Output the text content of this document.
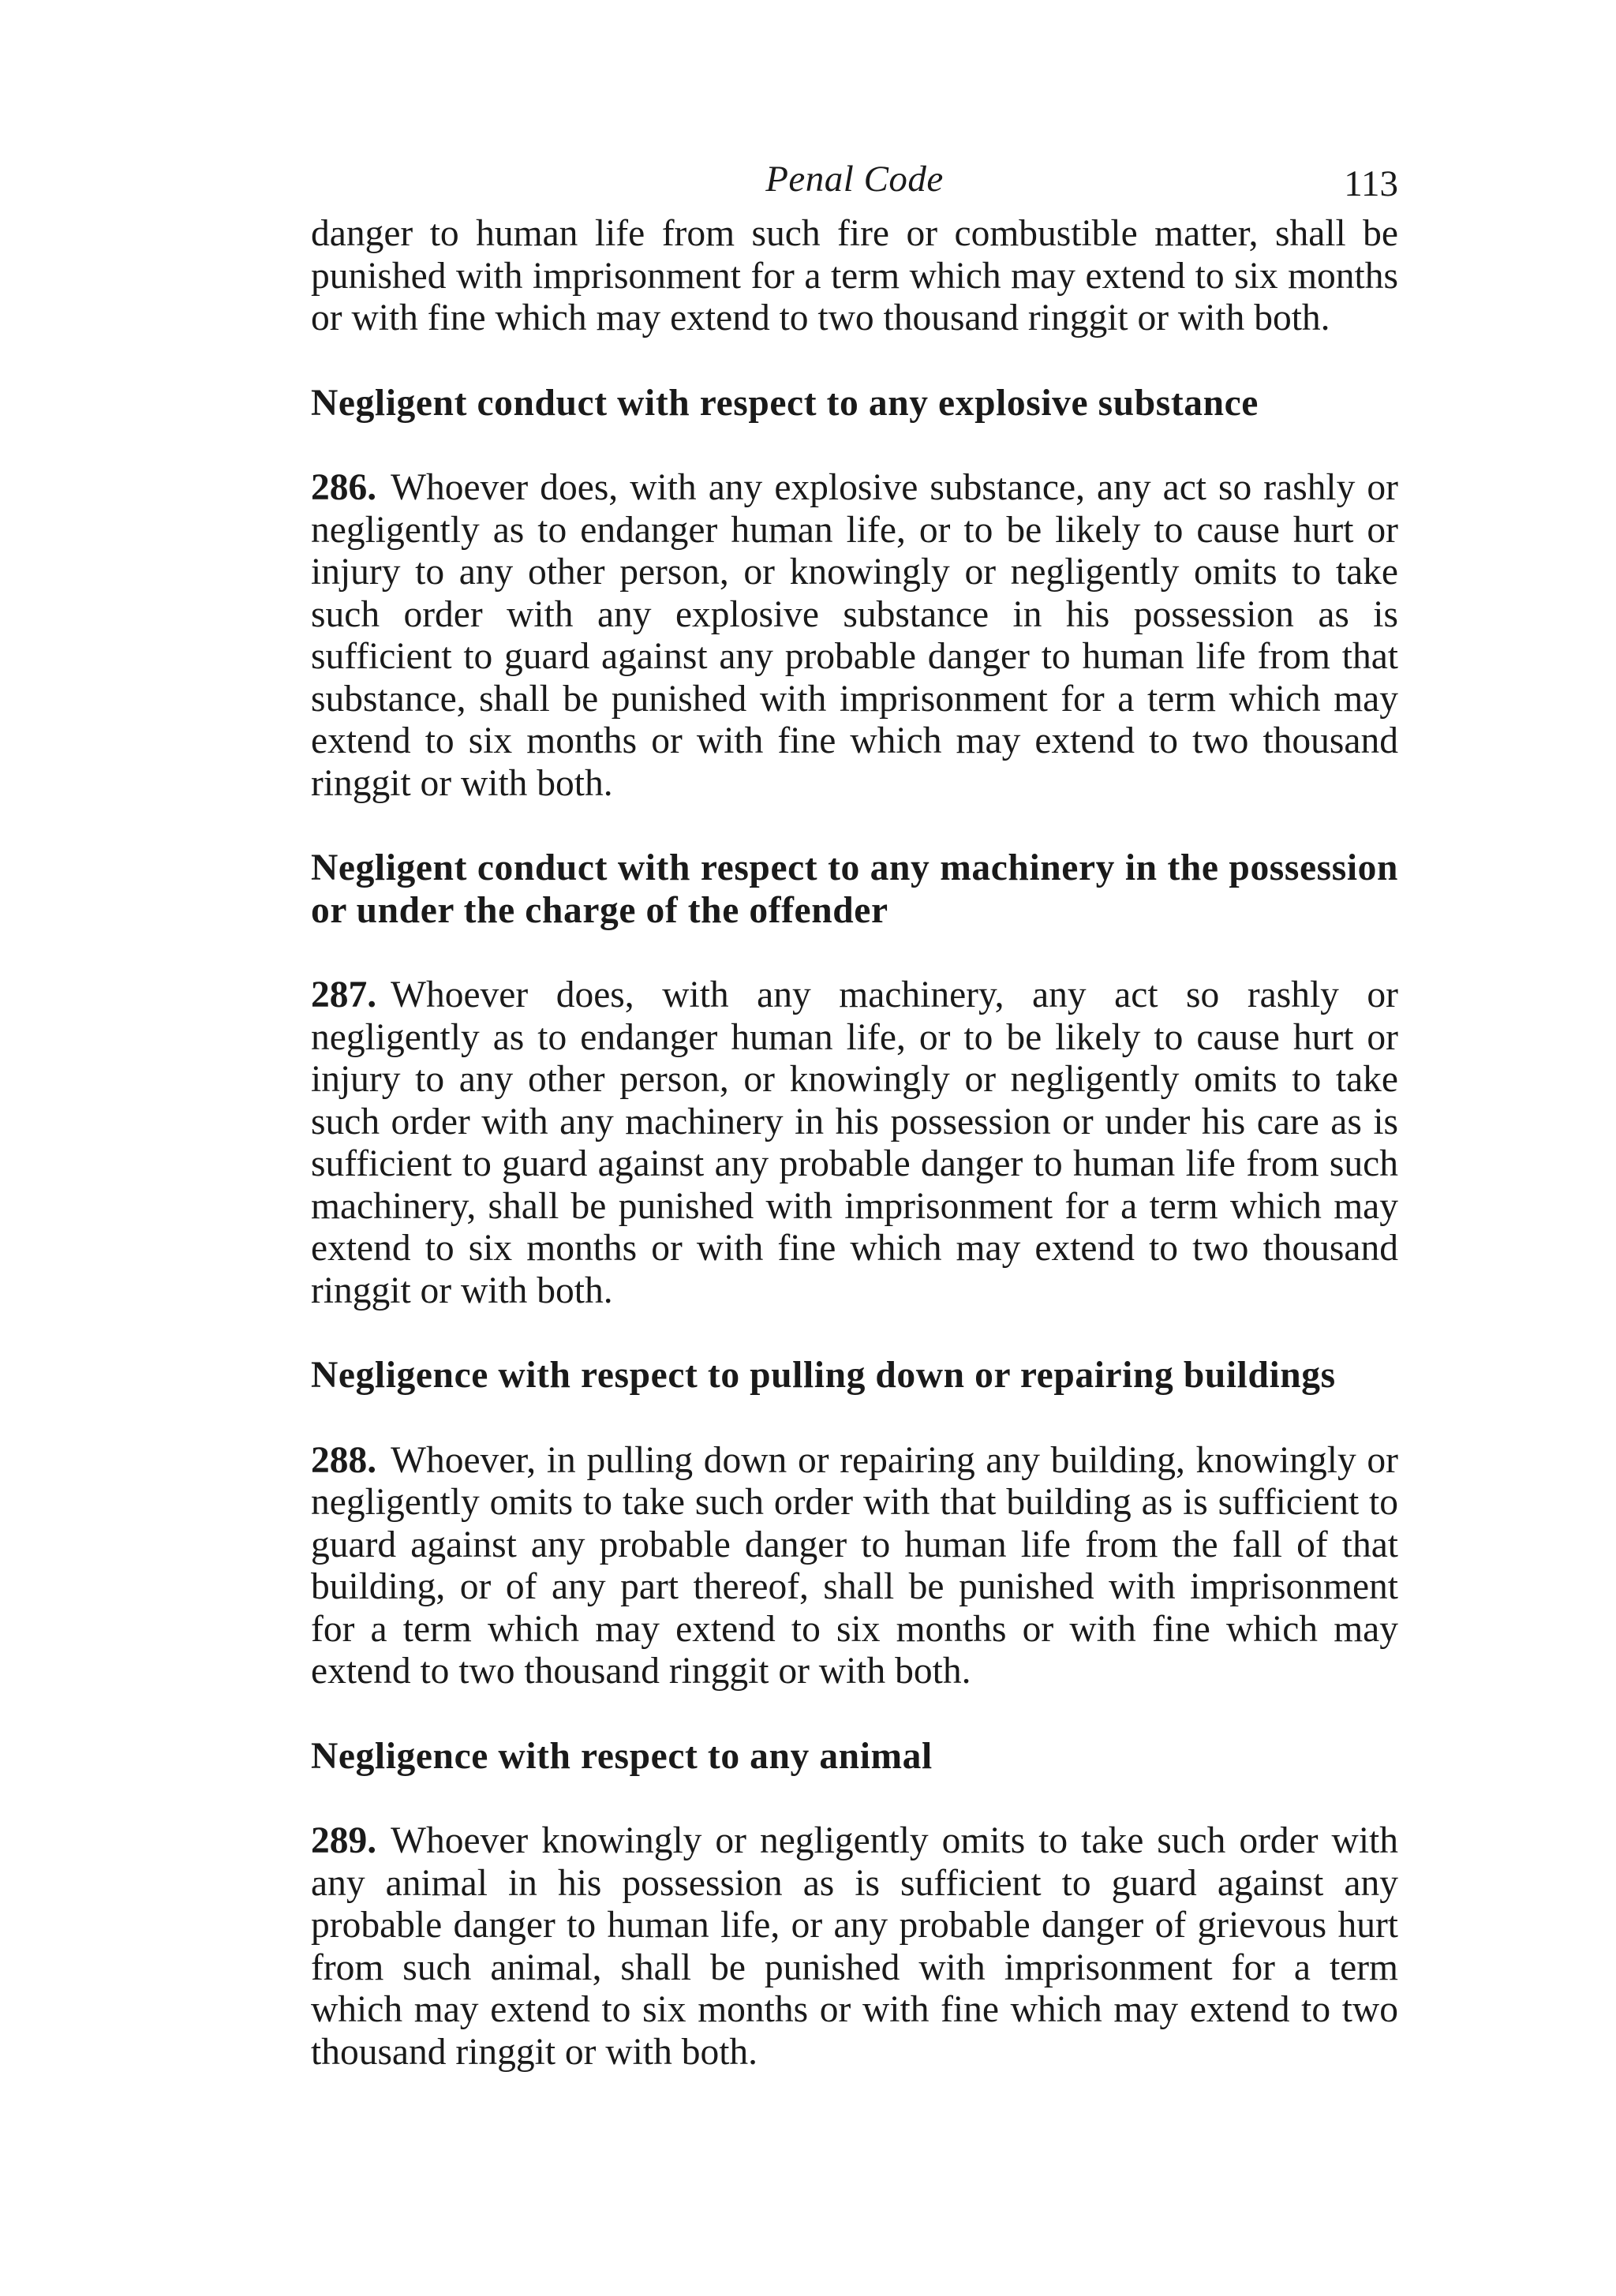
Penal Code	113

danger to human life from such fire or combustible matter, shall be punished with imprisonment for a term which may extend to six months or with fine which may extend to two thousand ringgit or with both.

Negligent conduct with respect to any explosive substance

286. Whoever does, with any explosive substance, any act so rashly or negligently as to endanger human life, or to be likely to cause hurt or injury to any other person, or knowingly or negligently omits to take such order with any explosive substance in his possession as is sufficient to guard against any probable danger to human life from that substance, shall be punished with imprisonment for a term which may extend to six months or with fine which may extend to two thousand ringgit or with both.

Negligent conduct with respect to any machinery in the possession or under the charge of the offender

287. Whoever does, with any machinery, any act so rashly or negligently as to endanger human life, or to be likely to cause hurt or injury to any other person, or knowingly or negligently omits to take such order with any machinery in his possession or under his care as is sufficient to guard against any probable danger to human life from such machinery, shall be punished with imprisonment for a term which may extend to six months or with fine which may extend to two thousand ringgit or with both.

Negligence with respect to pulling down or repairing buildings

288. Whoever, in pulling down or repairing any building, knowingly or negligently omits to take such order with that building as is sufficient to guard against any probable danger to human life from the fall of that building, or of any part thereof, shall be punished with imprisonment for a term which may extend to six months or with fine which may extend to two thousand ringgit or with both.

Negligence with respect to any animal

289. Whoever knowingly or negligently omits to take such order with any animal in his possession as is sufficient to guard against any probable danger to human life, or any probable danger of grievous hurt from such animal, shall be punished with imprisonment for a term which may extend to six months or with fine which may extend to two thousand ringgit or with both.
